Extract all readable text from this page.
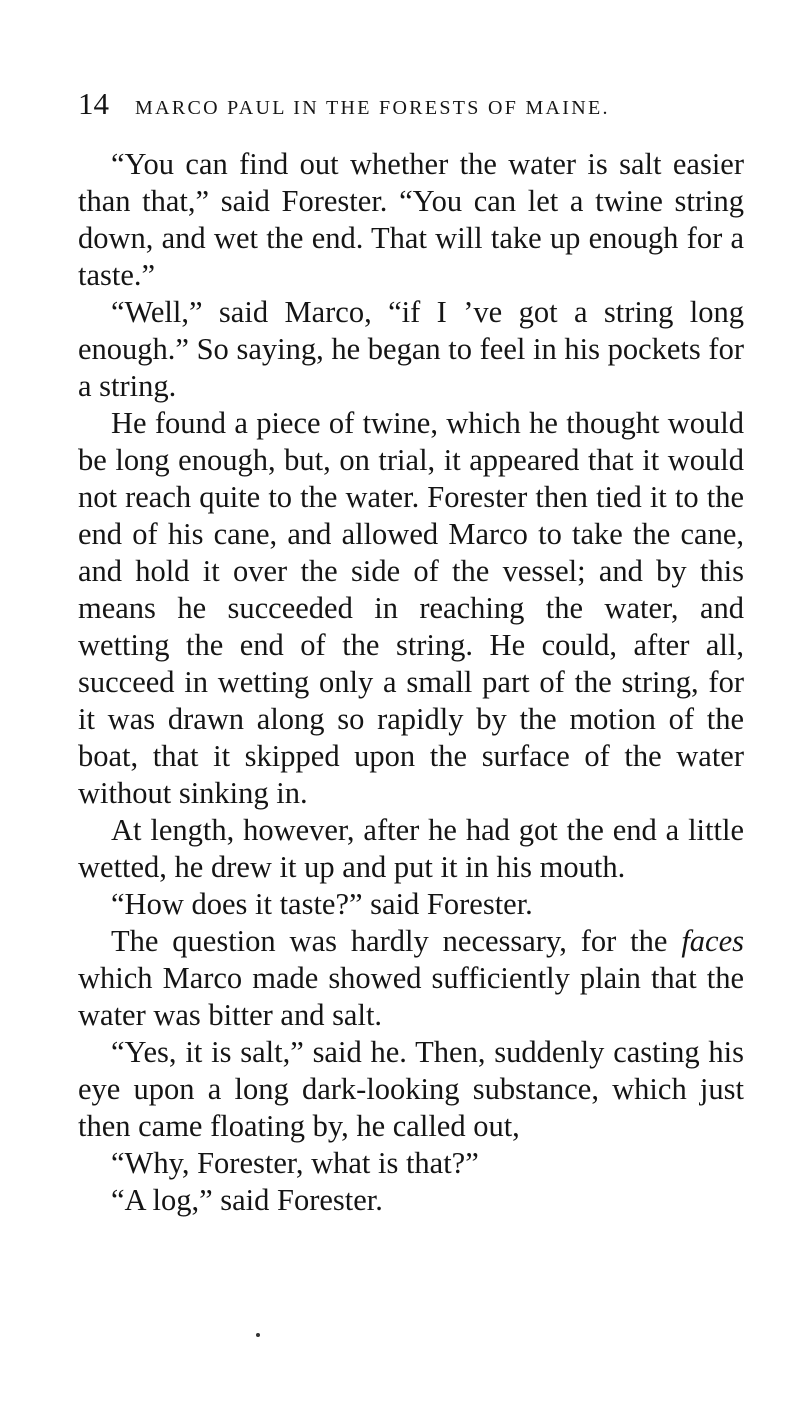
14 MARCO PAUL IN THE FORESTS OF MAINE.

“You can find out whether the water is salt easier than that,” said Forester. “You can let a twine string down, and wet the end. That will take up enough for a taste.”

“Well,” said Marco, “if I ’ve got a string long enough.” So saying, he began to feel in his pockets for a string.

He found a piece of twine, which he thought would be long enough, but, on trial, it appeared that it would not reach quite to the water. Forester then tied it to the end of his cane, and allowed Marco to take the cane, and hold it over the side of the vessel; and by this means he succeeded in reaching the water, and wetting the end of the string. He could, after all, succeed in wetting only a small part of the string, for it was drawn along so rapidly by the motion of the boat, that it skipped upon the surface of the water without sinking in.

At length, however, after he had got the end a little wetted, he drew it up and put it in his mouth.

“How does it taste?” said Forester.

The question was hardly necessary, for the faces which Marco made showed sufficiently plain that the water was bitter and salt.

“Yes, it is salt,” said he. Then, suddenly casting his eye upon a long dark-looking substance, which just then came floating by, he called out,

“Why, Forester, what is that?”

“A log,” said Forester.
